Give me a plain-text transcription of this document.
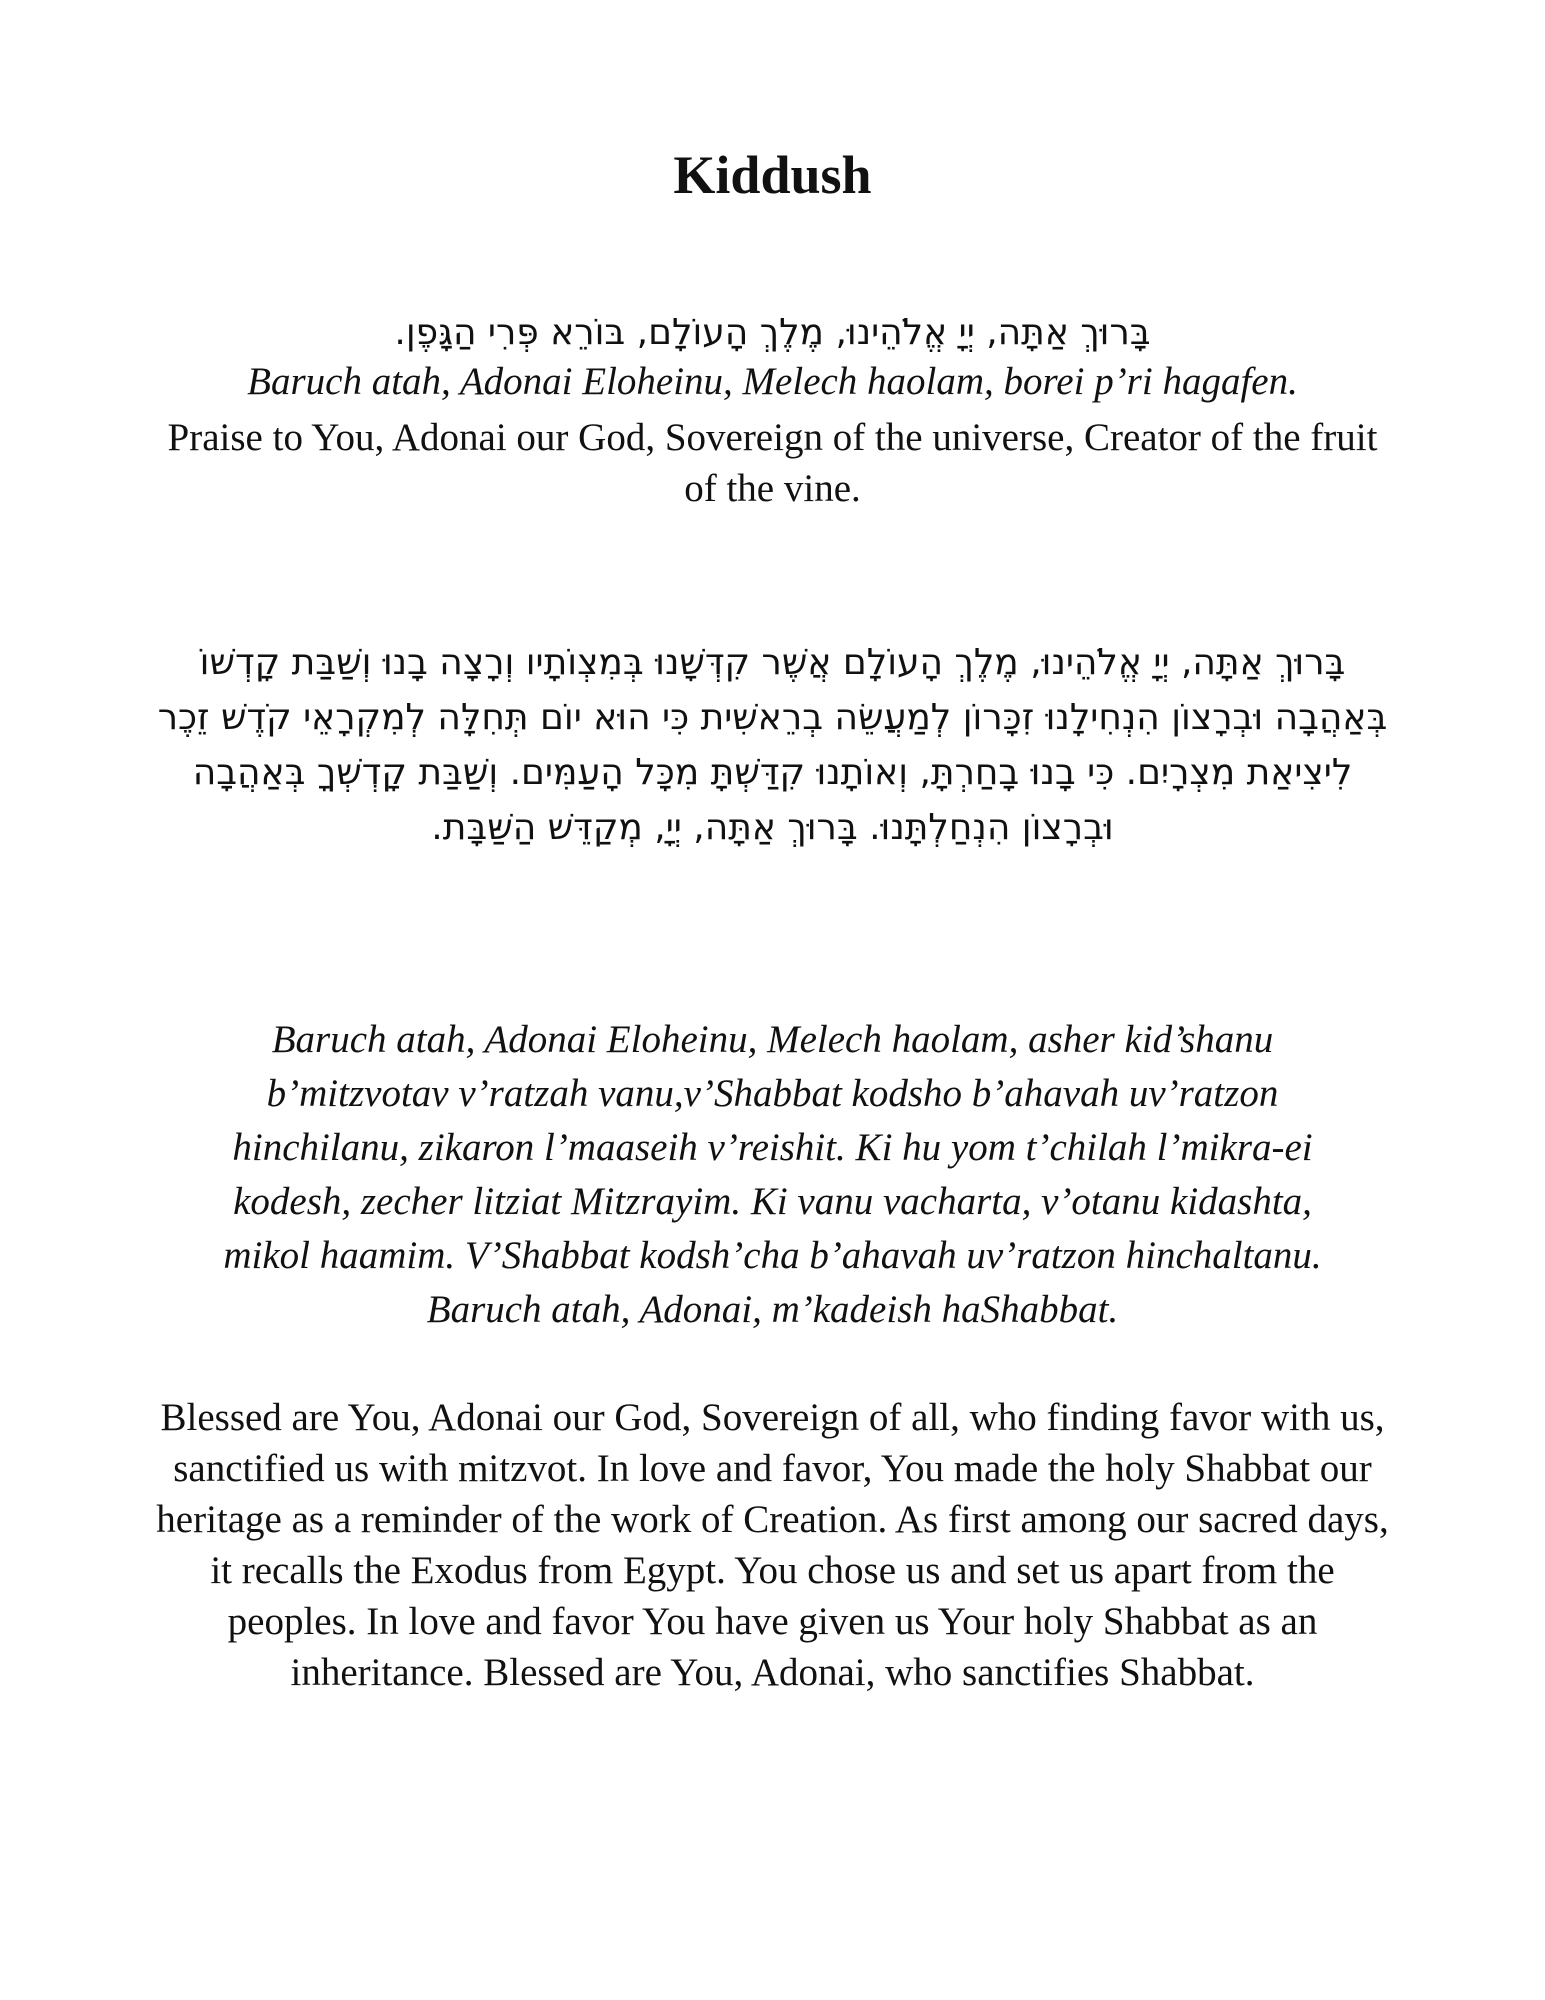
Kiddush

בָּרוּךְ אַתָּה, יְיָ אֱלֹהֵינוּ, מֶלֶךְ הָעוֹלָם, בּוֹרֵא פְּרִי הַגָּפֶן.

Baruch atah, Adonai Eloheinu, Melech haolam, borei p’ri hagafen.

Praise to You, Adonai our God, Sovereign of the universe, Creator of the fruit of the vine.

בָּרוּךְ אַתָּה, יְיָ אֱלֹהֵינוּ, מֶלֶךְ הָעוֹלָם אֲשֶׁר קִדְּשָׁנוּ בְּמִצְוֹתָיו וְרָצָה בָנוּ וְשַׁבַּת קָדְשׁוֹ בְּאַהֲבָה וּבְרָצוֹן הִנְחִילָנוּ זִכָּרוֹן לְמַעֲשֵׂה בְרֵאשִׁית כִּי הוּא יוֹם תְּחִלָּה לְמִקְרָאֵי קֹדֶשׁ זֵכֶר לִיצִיאַת מִצְרָיִם. כִּי בָנוּ בָחַרְתָּ, וְאוֹתָנוּ קִדַּשְׁתָּ מִכָּל הָעַמִּים. וְשַׁבַּת קָדְשְׁךָ בְּאַהֲבָה וּבְרָצוֹן הִנְחַלְתָּנוּ. בָּרוּךְ אַתָּה, יְיָ, מְקַדֵּשׁ הַשַּׁבָּת.

Baruch atah, Adonai Eloheinu, Melech haolam, asher kid’shanu b’mitzvotav v’ratzah vanu,v’Shabbat kodsho b’ahavah uv’ratzon hinchilanu, zikaron l’maaseih v’reishit. Ki hu yom t’chilah l’mikra-ei kodesh, zecher litziat Mitzrayim. Ki vanu vacharta, v’otanu kidashta, mikol haamim. V’Shabbat kodsh’cha b’ahavah uv’ratzon hinchaltanu. Baruch atah, Adonai, m’kadeish haShabbat.

Blessed are You, Adonai our God, Sovereign of all, who finding favor with us, sanctified us with mitzvot. In love and favor, You made the holy Shabbat our heritage as a reminder of the work of Creation. As first among our sacred days, it recalls the Exodus from Egypt. You chose us and set us apart from the peoples. In love and favor You have given us Your holy Shabbat as an inheritance. Blessed are You, Adonai, who sanctifies Shabbat.
